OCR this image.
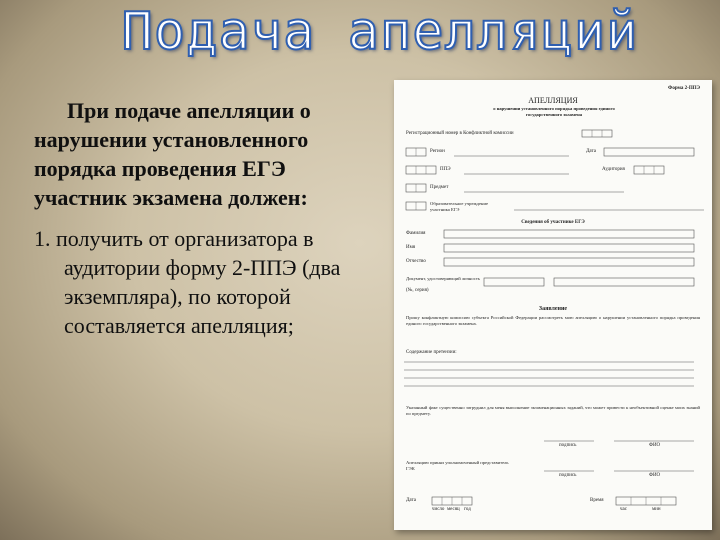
Подача апелляций
При подаче апелляции о нарушении установленного порядка проведения ЕГЭ участник экзамена должен:
1. получить от организатора в
аудитории форму 2-ППЭ (два экземпляра), по которой составляется апелляция;
Форма 2-ППЭ
АПЕЛЛЯЦИЯ
о нарушении установленного порядка проведения единого государственного экзамена
Регистрационный номер в Конфликтной комиссии
Регион	Дата
ППЭ	Аудитория
Предмет
Образовательное учреждение участника ЕГЭ
Сведения об участнике ЕГЭ
Фамилия
Имя
Отчество
Документ, удостоверяющий личность
(№, серия)
Заявление
Прошу конфликтную комиссию субъекта Российской Федерации рассмотреть мою апелляцию о нарушении установленного порядка проведения единого государственного экзамена.
Содержание претензии:
Указанный факт существенно затруднил для меня выполнение экзаменационных заданий, что может привести к необъективной оценке моих знаний по предмету.
подпись	ФИО
Апелляцию принял уполномоченный представитель ГЭК
подпись	ФИО
Дата	Время
число месяц год	час	мин
